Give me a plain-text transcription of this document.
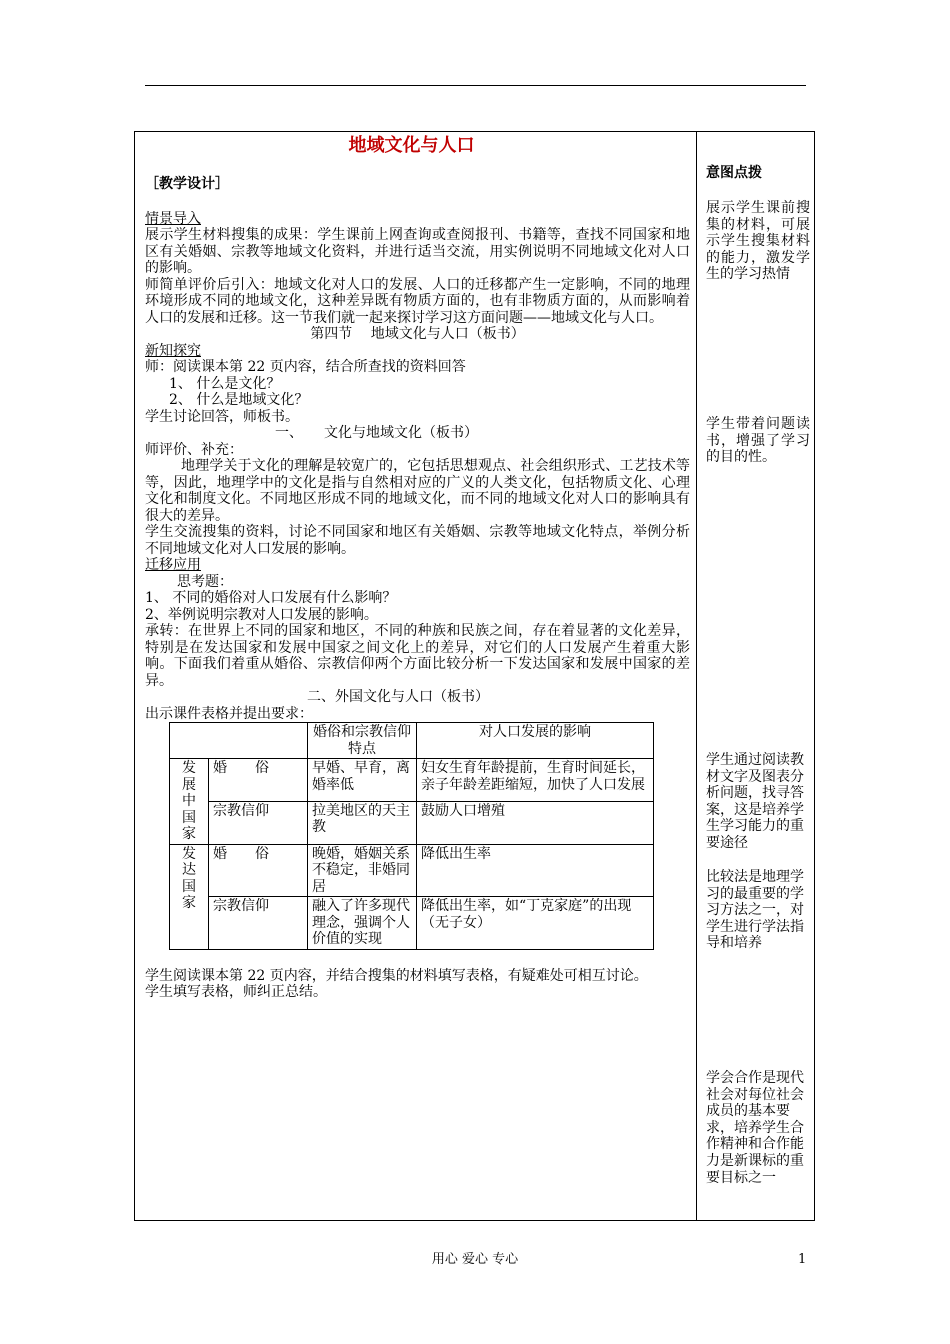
地域文化与人口

［教学设计］

情景导入

展示学生材料搜集的成果：学生课前上网查询或查阅报刊、书籍等，查找不同国家和地区有关婚姻、宗教等地域文化资料，并进行适当交流，用实例说明不同地域文化对人口的影响。

师简单评价后引入：地域文化对人口的发展、人口的迁移都产生一定影响，不同的地理环境形成不同的地域文化，这种差异既有物质方面的，也有非物质方面的，从而影响着人口的发展和迁移。这一节我们就一起来探讨学习这方面问题——地域文化与人口。

第四节　 地域文化与人口（板书）

新知探究

师：阅读课本第 22 页内容，结合所查找的资料回答

1、 什么是文化？

2、 什么是地域文化？

学生讨论回答，师板书。

一、　　文化与地域文化（板书）

师评价、补充：

地理学关于文化的理解是较宽广的，它包括思想观点、社会组织形式、工艺技术等等，因此，地理学中的文化是指与自然相对应的广义的人类文化，包括物质文化、心理文化和制度文化。不同地区形成不同的地域文化，而不同的地域文化对人口的影响具有很大的差异。

学生交流搜集的资料，讨论不同国家和地区有关婚姻、宗教等地域文化特点，举例分析不同地域文化对人口发展的影响。

迁移应用

思考题：

1、 不同的婚俗对人口发展有什么影响？

2、举例说明宗教对人口发展的影响。

承转：在世界上不同的国家和地区，不同的种族和民族之间，存在着显著的文化差异，特别是在发达国家和发展中国家之间文化上的差异，对它们的人口发展产生着重大影响。下面我们着重从婚俗、宗教信仰两个方面比较分析一下发达国家和发展中国家的差异。

二、外国文化与人口（板书）

出示课件表格并提出要求：

		婚俗和宗教信仰特点	对人口发展的影响
发展中国家	婚　　俗	早婚、早育，离婚率低	妇女生育年龄提前，生育时间延长，亲子年龄差距缩短，加快了人口发展
	宗教信仰	拉美地区的天主教	鼓励人口增殖
发达国家	婚　　俗	晚婚，婚姻关系不稳定，非婚同居	降低出生率
	宗教信仰	融入了许多现代理念，强调个人价值的实现	降低出生率，如“丁克家庭”的出现（无子女）

学生阅读课本第 22 页内容，并结合搜集的材料填写表格，有疑难处可相互讨论。

学生填写表格，师纠正总结。

意图点拨
展示学生课前搜集的材料，可展示学生搜集材料的能力，激发学生的学习热情
学生带着问题读书，增强了学习的目的性。
学生通过阅读教材文字及图表分析问题，找寻答案，这是培养学生学习能力的重要途径
比较法是地理学习的最重要的学习方法之一，对学生进行学法指导和培养
学会合作是现代社会对每位社会成员的基本要求，培养学生合作精神和合作能力是新课标的重要目标之一
用心 爱心 专心	1
